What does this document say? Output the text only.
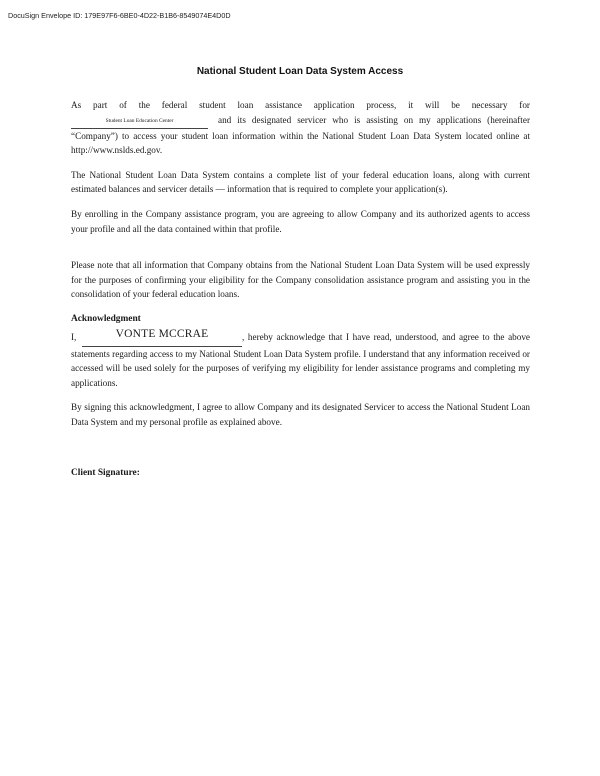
DocuSign Envelope ID: 179E97F6-6BE0-4D22-B1B6-8549074E4D0D
National Student Loan Data System Access

As part of the federal student loan assistance application process, it will be necessary for Student Loan Education Center	and its designated servicer who is assisting on my applications (hereinafter “Company”) to access your student loan information within the National Student Loan Data System located online at http://www.nslds.ed.gov.

The National Student Loan Data System contains a complete list of your federal education loans, along with current estimated balances and servicer details — information that is required to complete your application(s).

By enrolling in the Company assistance program, you are agreeing to allow Company and its authorized agents to access your profile and all the data contained within that profile.

Please note that all information that Company obtains from the National Student Loan Data System will be used expressly for the purposes of confirming your eligibility for the Company consolidation assistance program and assisting you in the consolidation of your federal education loans.

Acknowledgment

I,	VONTE MCCRAE	, hereby acknowledge that I have read, understood, and agree to the above statements regarding access to my National Student Loan Data System profile. I understand that any information received or accessed will be used solely for the purposes of verifying my eligibility for lender assistance programs and completing my applications.

By signing this acknowledgment, I agree to allow Company and its designated Servicer to access the National Student Loan Data System and my personal profile as explained above.

Client Signature:
